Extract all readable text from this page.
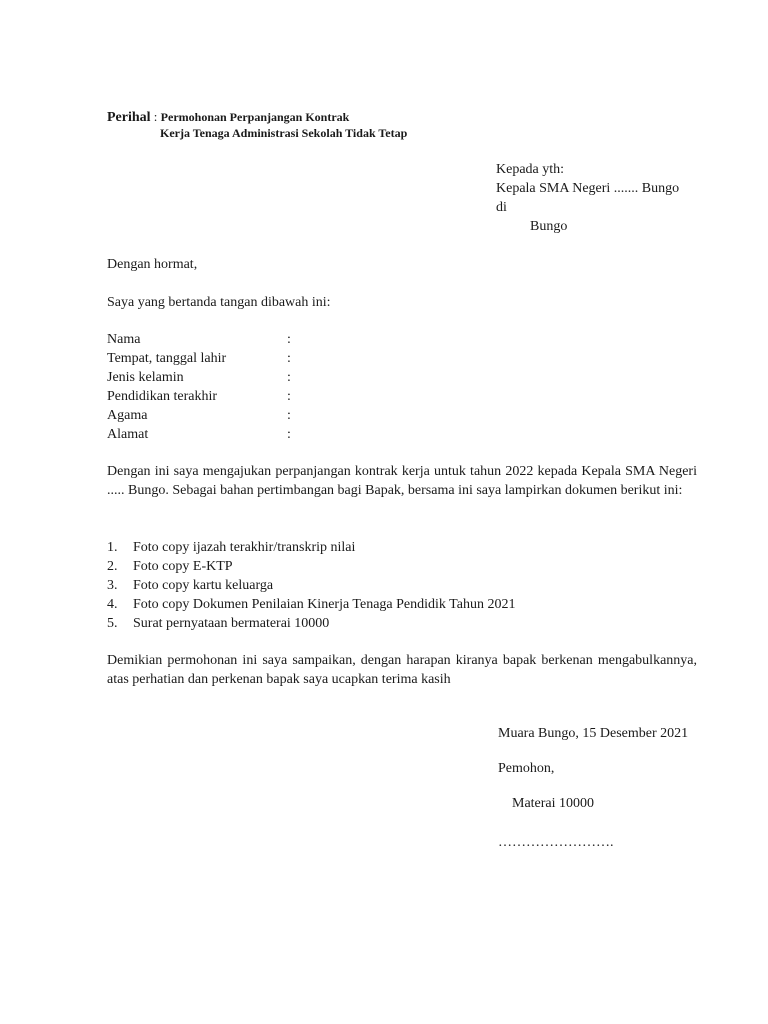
Perihal : Permohonan Perpanjangan Kontrak
Kerja Tenaga Administrasi Sekolah Tidak Tetap
Kepada yth:
Kepala SMA Negeri ....... Bungo
di
Bungo
Dengan hormat,
Saya yang bertanda tangan dibawah ini:
Nama	:
Tempat, tanggal lahir	:
Jenis kelamin	:
Pendidikan terakhir	:
Agama	:
Alamat	:
Dengan ini saya mengajukan perpanjangan kontrak kerja untuk tahun 2022 kepada Kepala SMA Negeri ..... Bungo. Sebagai bahan pertimbangan bagi Bapak, bersama ini saya lampirkan dokumen berikut ini:
1. Foto copy ijazah terakhir/transkrip nilai
2. Foto copy E-KTP
3. Foto copy kartu keluarga
4. Foto copy Dokumen Penilaian Kinerja Tenaga Pendidik Tahun 2021
5. Surat pernyataan bermaterai 10000
Demikian permohonan ini saya sampaikan, dengan harapan kiranya bapak berkenan mengabulkannya, atas perhatian dan perkenan bapak saya ucapkan terima kasih
Muara Bungo, 15 Desember 2021
Pemohon,
Materai 10000
…………………….
